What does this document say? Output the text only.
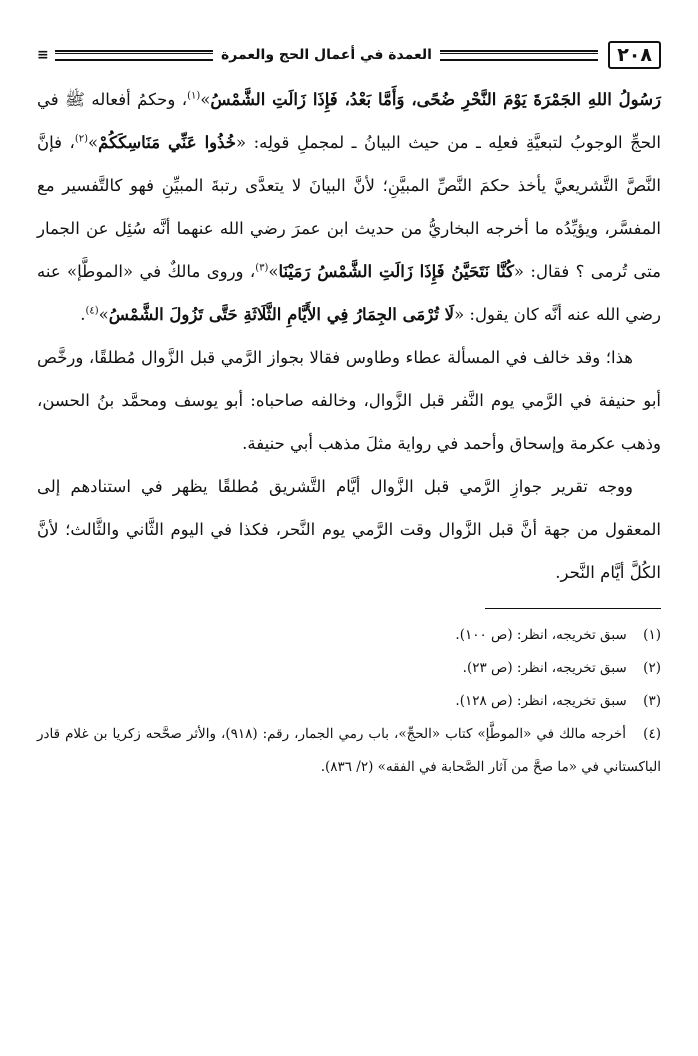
٢٠٨
العمدة في أعمال الحج والعمرة
≡

رَسُولُ اللهِ الجَمْرَةَ يَوْمَ النَّحْرِ ضُحًى، وَأَمَّا بَعْدُ، فَإِذَا زَالَتِ الشَّمْسُ»$^{(١)}$، وحكمُ أفعاله ﷺ في الحجِّ الوجوبُ لتبعيَّةِ فعلِه ـ من حيث البيانُ ـ لمجملِ قولِه: «خُذُوا عَنِّي مَنَاسِكَكُمْ»$^{(٢)}$، فإنَّ النَّصَّ التَّشريعيَّ يأخذ حكمَ النَّصِّ المبيَّنِ؛ لأنَّ البيانَ لا يتعدَّى رتبةَ المبيِّنِ فهو كالتَّفسير مع المفسَّر، ويؤيِّدُه ما أخرجه البخاريُّ من حديث ابن عمرَ رضي الله عنهما أنَّه سُئِل عن الجمار متى تُرمى ؟ فقال: «كُنَّا نَتَحَيَّنُ فَإِذَا زَالَتِ الشَّمْسُ رَمَيْنَا»$^{(٣)}$، وروى مالكٌ في «الموطَّإ» عنه رضي الله عنه أنَّه كان يقول: «لَا تُرْمَى الجِمَارُ فِي الأَيَّامِ الثَّلَاثَةِ حَتَّى تَزُولَ الشَّمْسُ»$^{(٤)}$.

هذا؛ وقد خالف في المسألة عطاء وطاوس فقالا بجواز الرَّمي قبل الزَّوال مُطلقًا، ورخَّص أبو حنيفة في الرَّمي يوم النَّفر قبل الزَّوال، وخالفه صاحباه: أبو يوسف ومحمَّد بنُ الحسن، وذهب عكرمة وإسحاق وأحمد في رواية مثلَ مذهب أبي حنيفة.

ووجه تقرير جوازِ الرَّمي قبل الزَّوال أيَّام التَّشريق مُطلقًا يظهر في استنادهم إلى المعقول من جهة أنَّ قبل الزَّوال وقت الرَّمي يوم النَّحر، فكذا في اليوم الثَّاني والثَّالث؛ لأنَّ الكُلَّ أيَّام النَّحر.

(١) سبق تخريجه، انظر: (ص ١٠٠).

(٢) سبق تخريجه، انظر: (ص ٢٣).

(٣) سبق تخريجه، انظر: (ص ١٢٨).

(٤) أخرجه مالك في «الموطَّإ» كتاب «الحجِّ»، باب رمي الجمار، رقم: (٩١٨)، والأثر صحَّحه زكريا بن غلام قادر الباكستاني في «ما صحَّ من آثار الصَّحابة في الفقه» (٢/ ٨٣٦).
